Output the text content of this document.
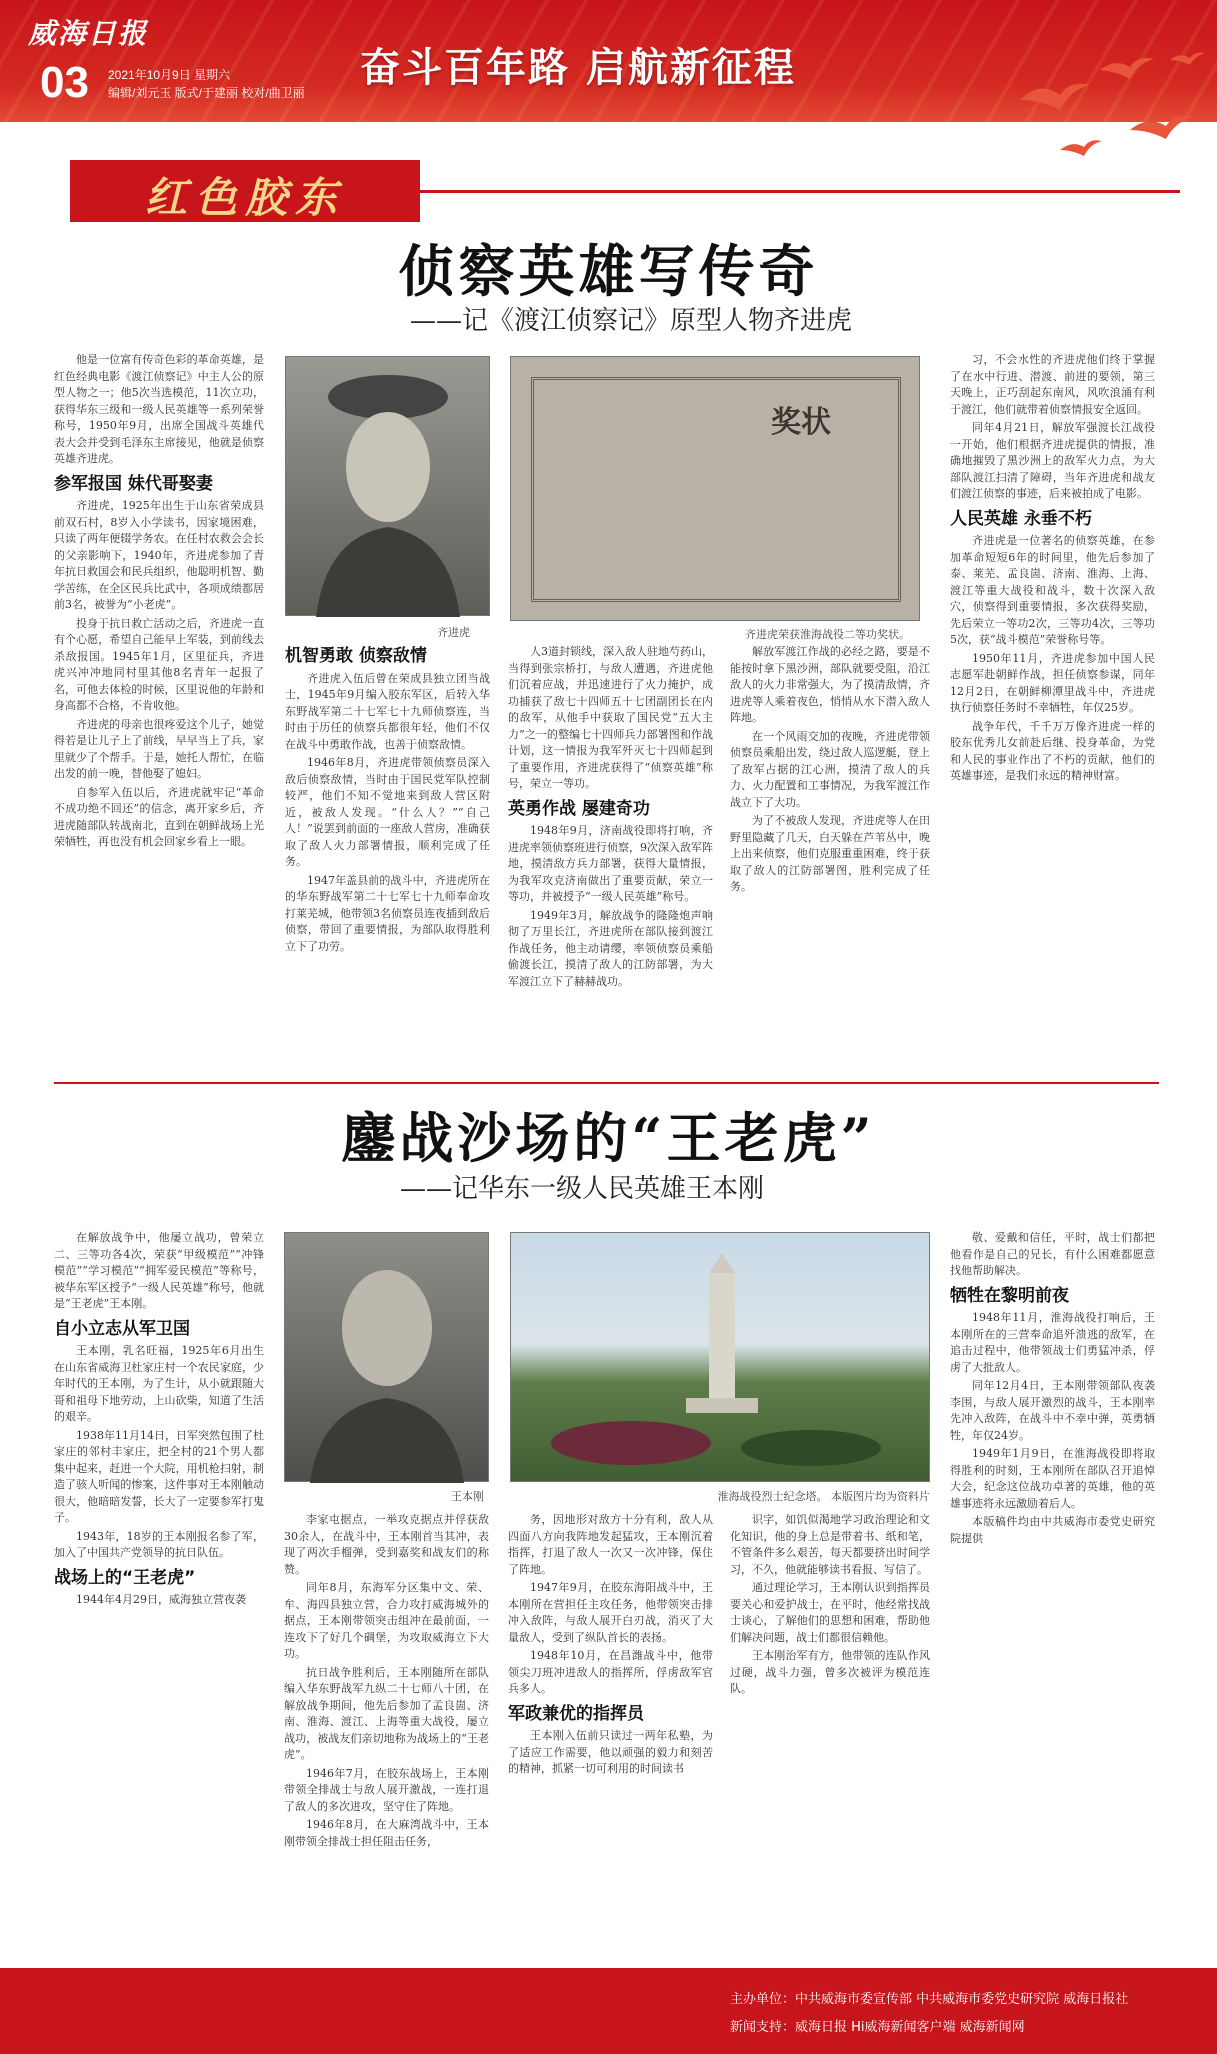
威海日报
03 2021年10月9日 星期六
编辑/刘元玉 版式/于建丽 校对/曲卫丽
奋斗百年路 启航新征程
红色胶东
侦察英雄写传奇
——记《渡江侦察记》原型人物齐进虎

他是一位富有传奇色彩的革命英雄，是红色经典电影《渡江侦察记》中主人公的原型人物之一；他5次当选模范，11次立功，获得华东三级和一级人民英雄等一系列荣誉称号，1950年9月，出席全国战斗英雄代表大会并受到毛泽东主席接见，他就是侦察英雄齐进虎。

参军报国 妹代哥娶妻

齐进虎，1925年出生于山东省荣成县前双石村，8岁入小学读书，因家境困难，只读了两年便辍学务农。在任村农救会会长的父亲影响下，1940年，齐进虎参加了青年抗日救国会和民兵组织，他聪明机智、勤学苦练，在全区民兵比武中，各项成绩都居前3名，被誉为“小老虎”。

投身于抗日救亡活动之后，齐进虎一直有个心愿，希望自己能早上军装，到前线去杀敌报国。1945年1月，区里征兵，齐进虎兴冲冲地同村里其他8名青年一起报了名，可他去体检的时候，区里说他的年龄和身高都不合格，不肯收他。

齐进虎的母亲也很疼爱这个儿子，她觉得若是让儿子上了前线，早早当上了兵，家里就少了个帮手。于是，她托人帮忙，在临出发的前一晚，替他娶了媳妇。

自参军入伍以后，齐进虎就牢记“革命不成功绝不回还”的信念，离开家乡后，齐进虎随部队转战南北，直到在朝鲜战场上光荣牺牲，再也没有机会回家乡看上一眼。

齐进虎
奖状
齐进虎荣获淮海战役二等功奖状。
机智勇敢 侦察敌情

齐进虎入伍后曾在荣成县独立团当战士，1945年9月编入胶东军区，后转入华东野战军第二十七军七十九师侦察连，当时由于历任的侦察兵都很年轻，他们不仅在战斗中勇敢作战，也善于侦察敌情。

1946年8月，齐进虎带领侦察员深入敌后侦察敌情，当时由于国民党军队控制较严，他们不知不觉地来到敌人营区附近，被敌人发现。“什么人？”“自己人！”说罢到前面的一座敌人营房，准确获取了敌人火力部署情报，顺利完成了任务。

1947年盖县前的战斗中，齐进虎所在的华东野战军第二十七军七十九师奉命攻打莱芜城，他带领3名侦察员连夜插到敌后侦察，带回了重要情报，为部队取得胜利立下了功劳。

人3道封锁线，深入敌人驻地芍药山，当得到张宗桥打，与敌人遭遇，齐进虎他们沉着应战，并迅速进行了火力掩护，成功捕获了敌七十四师五十七团副团长在内的敌军，从他手中获取了国民党“五大主力”之一的整编七十四师兵力部署图和作战计划，这一情报为我军歼灭七十四师起到了重要作用，齐进虎获得了“侦察英雄”称号，荣立一等功。

英勇作战 屡建奇功

1948年9月，济南战役即将打响，齐进虎率领侦察班进行侦察，9次深入敌军阵地，摸清敌方兵力部署，获得大量情报，为我军攻克济南做出了重要贡献，荣立一等功，并被授予“一级人民英雄”称号。

1949年3月，解放战争的隆隆炮声响彻了万里长江，齐进虎所在部队接到渡江作战任务，他主动请缨，率领侦察员乘船偷渡长江，摸清了敌人的江防部署，为大军渡江立下了赫赫战功。

解放军渡江作战的必经之路，要是不能按时拿下黑沙洲，部队就要受阻，沿江敌人的火力非常强大，为了摸清敌情，齐进虎等人乘着夜色，悄悄从水下潜入敌人阵地。

在一个风雨交加的夜晚，齐进虎带领侦察员乘船出发，绕过敌人巡逻艇，登上了敌军占据的江心洲，摸清了敌人的兵力、火力配置和工事情况，为我军渡江作战立下了大功。

为了不被敌人发现，齐进虎等人在田野里隐藏了几天，白天躲在芦苇丛中，晚上出来侦察，他们克服重重困难，终于获取了敌人的江防部署图，胜利完成了任务。

习，不会水性的齐进虎他们终于掌握了在水中行进、潜渡、前进的要领，第三天晚上，正巧刮起东南风，风吹浪涌有利于渡江，他们就带着侦察情报安全返回。

同年4月21日，解放军强渡长江战役一开始，他们根据齐进虎提供的情报，准确地摧毁了黑沙洲上的敌军火力点，为大部队渡江扫清了障碍，当年齐进虎和战友们渡江侦察的事迹，后来被拍成了电影。

人民英雄 永垂不朽

齐进虎是一位著名的侦察英雄，在参加革命短短6年的时间里，他先后参加了泰、莱芜、孟良崮、济南、淮海、上海、渡江等重大战役和战斗，数十次深入敌穴，侦察得到重要情报，多次获得奖励，先后荣立一等功2次，三等功4次，三等功5次，获“战斗模范”荣誉称号等。

1950年11月，齐进虎参加中国人民志愿军赴朝鲜作战，担任侦察参谋，同年12月2日，在朝鲜柳潭里战斗中，齐进虎执行侦察任务时不幸牺牲，年仅25岁。

战争年代，千千万万像齐进虎一样的胶东优秀儿女前赴后继、投身革命，为党和人民的事业作出了不朽的贡献，他们的英雄事迹，是我们永远的精神财富。

鏖战沙场的“王老虎”
——记华东一级人民英雄王本刚

在解放战争中，他屡立战功，曾荣立二、三等功各4次，荣获“甲级模范”“冲锋模范”“学习模范”“拥军爱民模范”等称号，被华东军区授予“一级人民英雄”称号，他就是“王老虎”王本刚。

自小立志从军卫国

王本刚，乳名旺福，1925年6月出生在山东省威海卫杜家庄村一个农民家庭，少年时代的王本刚，为了生计，从小就跟随大哥和祖母下地劳动，上山砍柴，知道了生活的艰辛。

1938年11月14日，日军突然包围了杜家庄的邻村丰家庄，把全村的21个男人都集中起来，赶进一个大院，用机枪扫射，制造了骇人听闻的惨案，这件事对王本刚触动很大，他暗暗发誓，长大了一定要参军打鬼子。

1943年，18岁的王本刚报名参了军，加入了中国共产党领导的抗日队伍。

战场上的“王老虎”

1944年4月29日，威海独立营夜袭

王本刚	淮海战役烈士纪念塔。 本版图片均为资料片

李家屯据点，一举攻克据点并俘获敌30余人，在战斗中，王本刚首当其冲，表现了两次手榴弹，受到嘉奖和战友们的称赞。

同年8月，东海军分区集中文、荣、牟、海四县独立营，合力攻打威海城外的据点，王本刚带领突击组冲在最前面，一连攻下了好几个碉堡，为攻取威海立下大功。

抗日战争胜利后，王本刚随所在部队编入华东野战军九纵二十七师八十团，在解放战争期间，他先后参加了孟良崮、济南、淮海、渡江、上海等重大战役，屡立战功，被战友们亲切地称为战场上的“王老虎”。

1946年7月，在胶东战场上，王本刚带领全排战士与敌人展开激战，一连打退了敌人的多次进攻，坚守住了阵地。

1946年8月，在大麻湾战斗中，王本刚带领全排战士担任阻击任务，

务，因地形对敌方十分有利，敌人从四面八方向我阵地发起猛攻，王本刚沉着指挥，打退了敌人一次又一次冲锋，保住了阵地。

1947年9月，在胶东海阳战斗中，王本刚所在营担任主攻任务，他带领突击排冲入敌阵，与敌人展开白刃战，消灭了大量敌人，受到了纵队首长的表扬。

1948年10月，在昌潍战斗中，他带领尖刀班冲进敌人的指挥所，俘虏敌军官兵多人。

军政兼优的指挥员

王本刚入伍前只读过一两年私塾，为了适应工作需要，他以顽强的毅力和刻苦的精神，抓紧一切可利用的时间读书

识字，如饥似渴地学习政治理论和文化知识，他的身上总是带着书、纸和笔，不管条件多么艰苦，每天都要挤出时间学习，不久，他就能够读书看报、写信了。

通过理论学习，王本刚认识到指挥员要关心和爱护战士，在平时，他经常找战士谈心，了解他们的思想和困难，帮助他们解决问题，战士们都很信赖他。

王本刚治军有方，他带领的连队作风过硬，战斗力强，曾多次被评为模范连队。

敬、爱戴和信任，平时，战士们都把他看作是自己的兄长，有什么困难都愿意找他帮助解决。

牺牲在黎明前夜

1948年11月，淮海战役打响后，王本刚所在的三营奉命追歼溃逃的敌军，在追击过程中，他带领战士们勇猛冲杀，俘虏了大批敌人。

同年12月4日，王本刚带领部队夜袭李围，与敌人展开激烈的战斗，王本刚率先冲入敌阵，在战斗中不幸中弹，英勇牺牲，年仅24岁。

1949年1月9日，在淮海战役即将取得胜利的时刻，王本刚所在部队召开追悼大会，纪念这位战功卓著的英雄，他的英雄事迹将永远激励着后人。

本版稿件均由中共威海市委党史研究院提供

主办单位：中共威海市委宣传部 中共威海市委党史研究院 威海日报社
新闻支持：威海日报 Hi威海新闻客户端 威海新闻网
